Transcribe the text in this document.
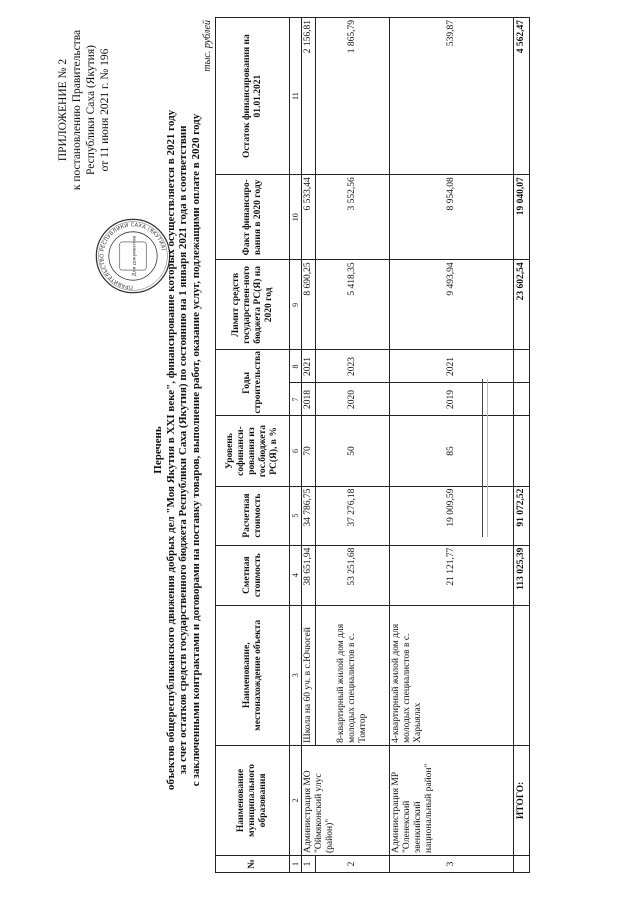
ПРИЛОЖЕНИЕ № 2 к постановлению Правительства Республики Саха (Якутия) от 11 июня 2021 г. № 196
ПРАВИТЕЛЬСТВО РЕСПУБЛИКИ САХА (ЯКУТИЯ)
Для документов
Перечень объектов общереспубликанского движения добрых дел "Моя Якутия в XXI веке", финансирование которых осуществляется в 2021 году за счет остатков средств государственного бюджета Республики Саха (Якутия) по состоянию на 1 января 2021 года в соответствии с заключенными контрактами и договорами на поставку товаров, выполнение работ, оказание услуг, подлежащими оплате в 2020 году
тыс. рублей
№	Наименование муниципального образования	Наименование, местонахождение объекта	Сметная стоимость	Расчетная стоимость	Уровень софинанси-рования из гос.бюджета РС(Я), в %	Годы строительства		Лимит средств государствен-ного бюджета РС(Я) на 2020 год	Факт финансиро-вания в 2020 году	Остаток финансирования на 01.01.2021
1	2	3	4	5	6	7	8	9	10	11
1	Администрация МО "Оймяконский улус (район)"	Школа на 60 уч. в с.Ючюгей	38 651,94	34 786,75	70	2018	2021	8 690,25	6 533,44	2 156,81
2		8-квартирный жилой дом для молодых специалистов в с. Томтор	53 251,68	37 276,18	50	2020	2023	5 418,35	3 552,56	1 865,79
3	Администрация МР "Оленекский эвенкийский национальный район"	4-квартирный жилой дом для молодых специалистов в с. Харыялах	21 121,77	19 009,59	85	2019	2021	9 493,94	8 954,08	539,87
	ИТОГО:		113 025,39	91 072,52				23 602,54	19 040,07	4 562,47
